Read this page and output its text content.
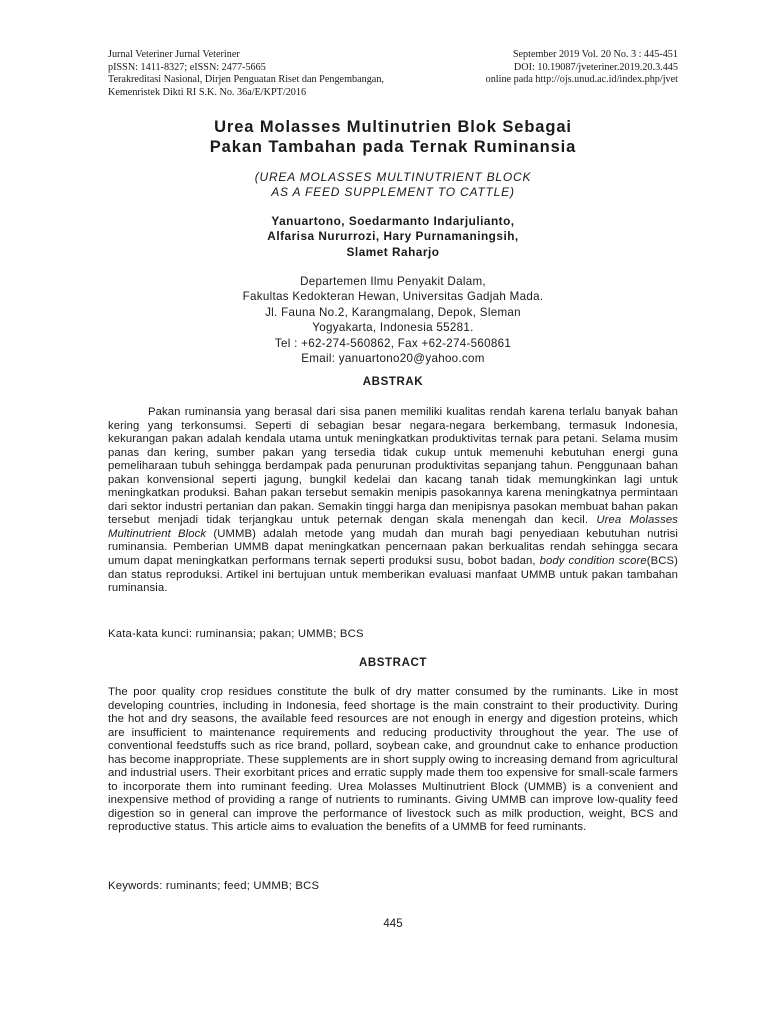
Jurnal Veteriner Jurnal Veteriner
pISSN: 1411-8327; eISSN: 2477-5665
Terakreditasi Nasional, Dirjen Penguatan Riset dan Pengembangan,
Kemenristek Dikti RI S.K. No. 36a/E/KPT/2016
September 2019 Vol. 20 No. 3 : 445-451
DOI: 10.19087/jveteriner.2019.20.3.445
online pada http://ojs.unud.ac.id/index.php/jvet
Urea Molasses Multinutrien Blok Sebagai
Pakan Tambahan pada Ternak Ruminansia
(UREA MOLASSES MULTINUTRIENT BLOCK
AS A FEED SUPPLEMENT TO CATTLE)
Yanuartono, Soedarmanto Indarjulianto,
Alfarisa Nururrozi, Hary Purnamaningsih,
Slamet Raharjo
Departemen Ilmu Penyakit Dalam,
Fakultas Kedokteran Hewan, Universitas Gadjah Mada.
Jl. Fauna No.2, Karangmalang, Depok, Sleman
Yogyakarta, Indonesia 55281.
Tel : +62-274-560862, Fax +62-274-560861
Email: yanuartono20@yahoo.com
ABSTRAK
Pakan ruminansia yang berasal dari sisa panen memiliki kualitas rendah karena terlalu banyak bahan kering yang terkonsumsi. Seperti di sebagian besar negara-negara berkembang, termasuk Indonesia, kekurangan pakan adalah kendala utama untuk meningkatkan produktivitas ternak para petani. Selama musim panas dan kering, sumber pakan yang tersedia tidak cukup untuk memenuhi kebutuhan energi guna pemeliharaan tubuh sehingga berdampak pada penurunan produktivitas sepanjang tahun. Penggunaan bahan pakan konvensional seperti jagung, bungkil kedelai dan kacang tanah tidak memungkinkan lagi untuk meningkatkan produksi. Bahan pakan tersebut semakin menipis pasokannya karena meningkatnya permintaan dari sektor industri pertanian dan pakan. Semakin tinggi harga dan menipisnya pasokan membuat bahan pakan tersebut menjadi tidak terjangkau untuk peternak dengan skala menengah dan kecil. Urea Molasses Multinutrient Block (UMMB) adalah metode yang mudah dan murah bagi penyediaan kebutuhan nutrisi ruminansia. Pemberian UMMB dapat meningkatkan pencernaan pakan berkualitas rendah sehingga secara umum dapat meningkatkan performans ternak seperti produksi susu, bobot badan, body condition score(BCS) dan status reproduksi. Artikel ini bertujuan untuk memberikan evaluasi manfaat UMMB untuk pakan tambahan ruminansia.
Kata-kata kunci: ruminansia; pakan; UMMB; BCS
ABSTRACT
The poor quality crop residues constitute the bulk of dry matter consumed by the ruminants. Like in most developing countries, including in Indonesia, feed shortage is the main constraint to their productivity. During the hot and dry seasons, the available feed resources are not enough in energy and digestion proteins, which are insufficient to maintenance requirements and reducing productivity throughout the year. The use of conventional feedstuffs such as rice brand, pollard, soybean cake, and groundnut cake to enhance production has become inappropriate. These supplements are in short supply owing to increasing demand from agricultural and industrial users. Their exorbitant prices and erratic supply made them too expensive for small-scale farmers to incorporate them into ruminant feeding. Urea Molasses Multinutrient Block (UMMB) is a convenient and inexpensive method of providing a range of nutrients to ruminants. Giving UMMB can improve low-quality feed digestion so in general can improve the performance of livestock such as milk production, weight, BCS and reproductive status. This article aims to evaluation the benefits of a UMMB for feed ruminants.
Keywords: ruminants; feed; UMMB; BCS
445
